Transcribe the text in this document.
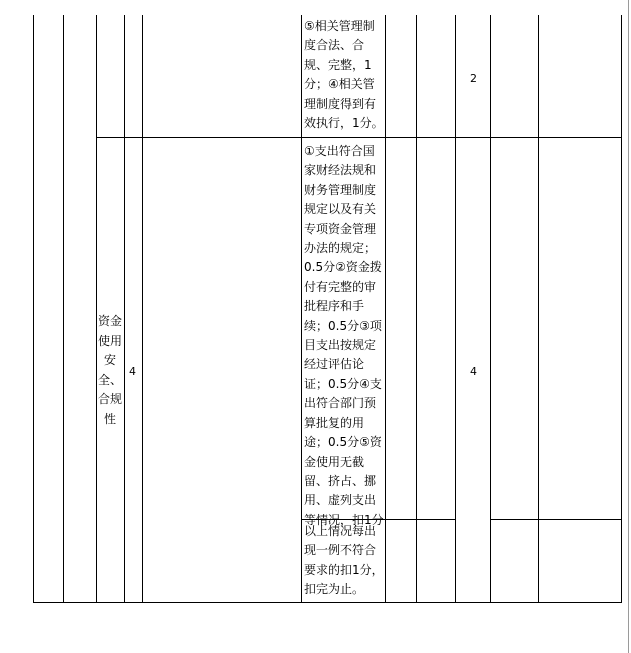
⑤相关管理制度合法、合规、完整，1分；④相关管理制度得到有效执行，1分。
2
资金使用安全、合规性
4
①支出符合国家财经法规和财务管理制度规定以及有关专项资金管理办法的规定；0.5分②资金拨付有完整的审批程序和手续；0.5分③项目支出按规定经过评估论证；0.5分④支出符合部门预算批复的用途；0.5分⑤资金使用无截留、挤占、挪用、虚列支出等情况，扣1分
以上情况每出现一例不符合要求的扣1分，扣完为止。
4
